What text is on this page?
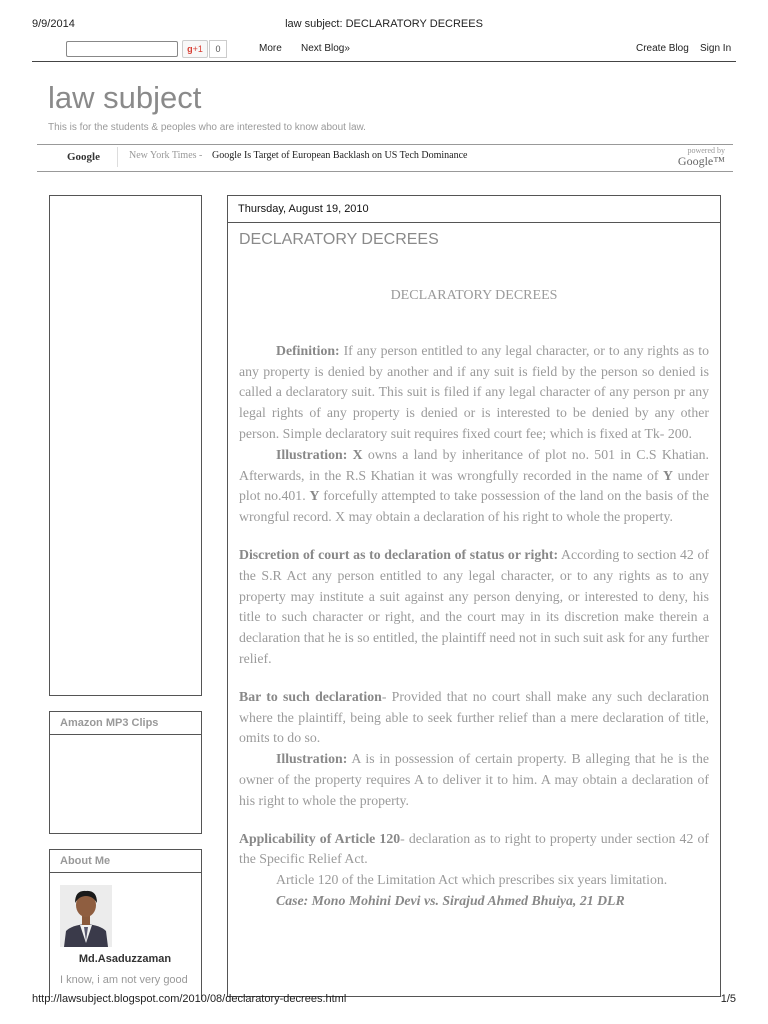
9/9/2014	law subject: DECLARATORY DECREES
g+1	0	More Next Blog»	Create Blog Sign In
law subject
This is for the students & peoples who are interested to know about law.
Google	New York Times - Google Is Target of European Backlash on US Tech Dominance	powered by
Google™
Amazon MP3 Clips
About Me
Md.Asaduzzaman
I know, i am not very good
Thursday, August 19, 2010
DECLARATORY DECREES

DECLARATORY DECREES

Definition: If any person entitled to any legal character, or to any rights as to any property is denied by another and if any suit is field by the person so denied is called a declaratory suit. This suit is filed if any legal character of any person pr any legal rights of any property is denied or is interested to be denied by any other person. Simple declaratory suit requires fixed court fee; which is fixed at Tk- 200.

Illustration: X owns a land by inheritance of plot no. 501 in C.S Khatian. Afterwards, in the R.S Khatian it was wrongfully recorded in the name of Y under plot no.401. Y forcefully attempted to take possession of the land on the basis of the wrongful record. X may obtain a declaration of his right to whole the property.

Discretion of court as to declaration of status or right: According to section 42 of the S.R Act any person entitled to any legal character, or to any rights as to any property may institute a suit against any person denying, or interested to deny, his title to such character or right, and the court may in its discretion make therein a declaration that he is so entitled, the plaintiff need not in such suit ask for any further relief.

Bar to such declaration- Provided that no court shall make any such declaration where the plaintiff, being able to seek further relief than a mere declaration of title, omits to do so.

Illustration: A is in possession of certain property. B alleging that he is the owner of the property requires A to deliver it to him. A may obtain a declaration of his right to whole the property.

Applicability of Article 120- declaration as to right to property under section 42 of the Specific Relief Act.

Article 120 of the Limitation Act which prescribes six years limitation.

Case: Mono Mohini Devi vs. Sirajud Ahmed Bhuiya, 21 DLR

http://lawsubject.blogspot.com/2010/08/declaratory-decrees.html	1/5
